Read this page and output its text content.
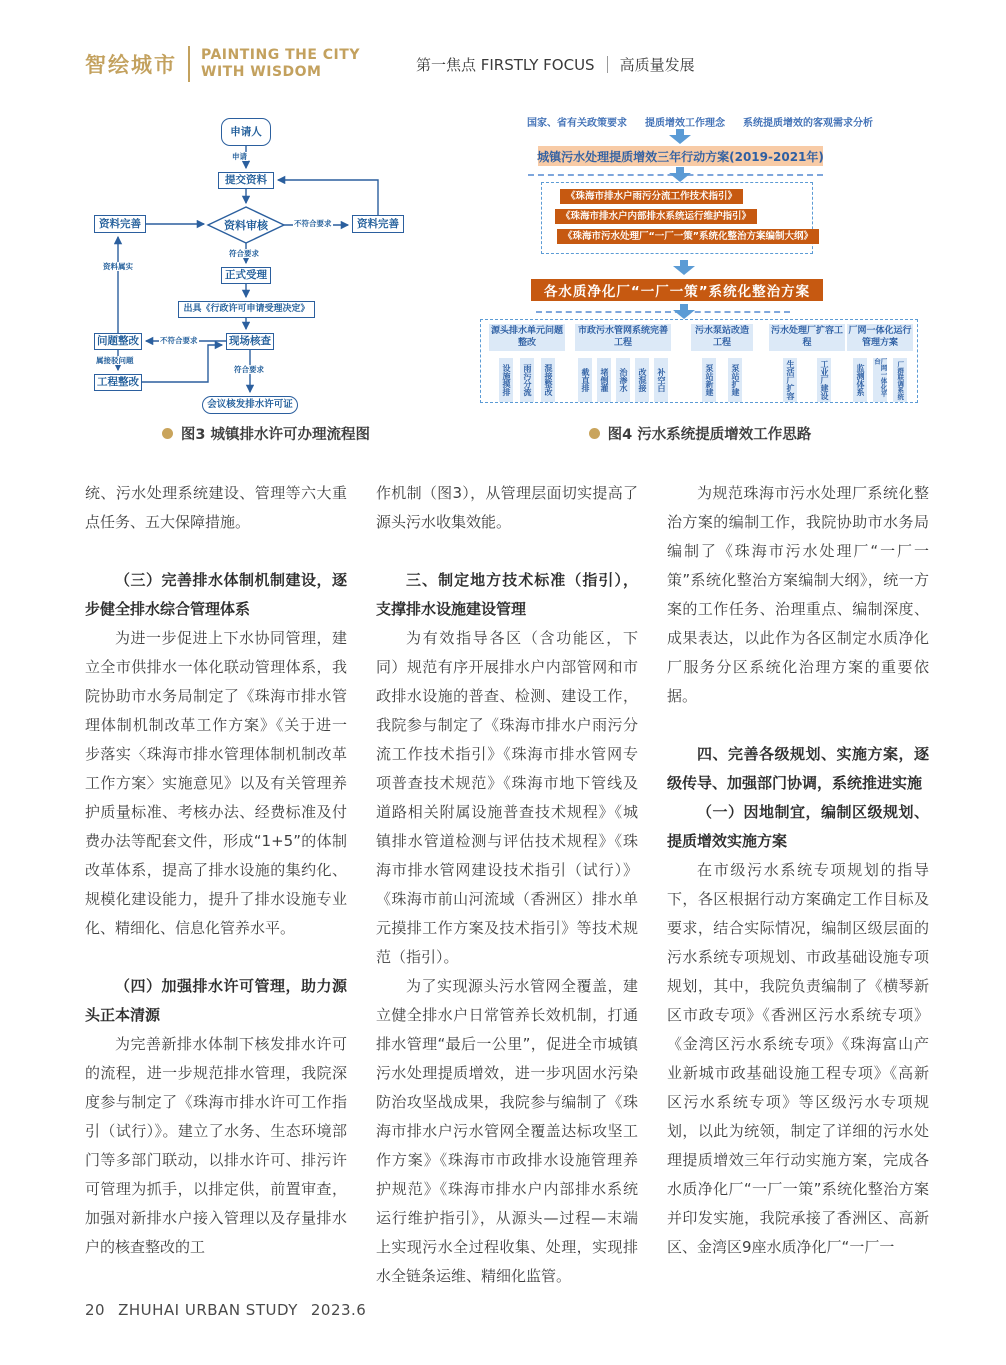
智绘城市 PAINTING THE CITY
WITH WISDOM	第一焦点 FIRSTLY FOCUS 高质量发展
申请人
提交资料
资料审核	资料完善
资料完善
正式受理
出具《行政许可申请受理决定》
现场核查
问题整改
工程整改
会议核发排水许可证
申请
不符合要求
符合要求
资料属实
不符合要求
属接驳问题
符合要求
国家、省有关政策要求 提质增效工作理念 系统提质增效的客观需求分析
城镇污水处理提质增效三年行动方案(2019-2021年)
《珠海市排水户雨污分流工作技术指引》
《珠海市排水户内部排水系统运行维护指引》
《珠海市污水处理厂“一厂一策”系统化整治方案编制大纲》
各水质净化厂“一厂一策”系统化整治方案
源头排水单元问题整改
设施摸排	雨污分流	混接整改
市政污水管网系统完善工程
截直排	堵倒灌	治渗水	改混接	补空白
污水泵站改造工程
泵站新建	泵站扩建
污水处理厂扩容工程
生活厂扩容	工业厂建设
厂网一体化运行管理方案
监测体系	厂网一体化平台	厂群联调系统
图3 城镇排水许可办理流程图	图4 污水系统提质增效工作思路

统、污水处理系统建设、管理等六大重点任务、五大保障措施。

（三）完善排水体制机制建设，逐步健全排水综合管理体系

为进一步促进上下水协同管理，建立全市供排水一体化联动管理体系，我院协助市水务局制定了《珠海市排水管理体制机制改革工作方案》《关于进一步落实〈珠海市排水管理体制机制改革工作方案〉实施意见》以及有关管理养护质量标准、考核办法、经费标准及付费办法等配套文件，形成“1+5”的体制改革体系，提高了排水设施的集约化、规模化建设能力，提升了排水设施专业化、精细化、信息化管养水平。

（四）加强排水许可管理，助力源头正本清源

为完善新排水体制下核发排水许可的流程，进一步规范排水管理，我院深度参与制定了《珠海市排水许可工作指引（试行）》。建立了水务、生态环境部门等多部门联动，以排水许可、排污许可管理为抓手，以排定供，前置审查，加强对新排水户接入管理以及存量排水户的核查整改的工

作机制（图3），从管理层面切实提高了源头污水收集效能。

三、制定地方技术标准（指引），支撑排水设施建设管理

为有效指导各区（含功能区，下同）规范有序开展排水户内部管网和市政排水设施的普查、检测、建设工作，我院参与制定了《珠海市排水户雨污分流工作技术指引》《珠海市排水管网专项普查技术规范》《珠海市地下管线及道路相关附属设施普查技术规程》《城镇排水管道检测与评估技术规程》《珠海市排水管网建设技术指引（试行）》《珠海市前山河流域（香洲区）排水单元摸排工作方案及技术指引》等技术规范（指引）。

为了实现源头污水管网全覆盖，建立健全排水户日常管养长效机制，打通排水管理“最后一公里”，促进全市城镇污水处理提质增效，进一步巩固水污染防治攻坚战成果，我院参与编制了《珠海市排水户污水管网全覆盖达标攻坚工作方案》《珠海市市政排水设施管理养护规范》《珠海市排水户内部排水系统运行维护指引》，从源头—过程—末端上实现污水全过程收集、处理，实现排水全链条运维、精细化监管。

为规范珠海市污水处理厂系统化整治方案的编制工作，我院协助市水务局编制了《珠海市污水处理厂“一厂一策”系统化整治方案编制大纲》，统一方案的工作任务、治理重点、编制深度、成果表达，以此作为各区制定水质净化厂服务分区系统化治理方案的重要依据。

四、完善各级规划、实施方案，逐级传导、加强部门协调，系统推进实施

（一）因地制宜，编制区级规划、提质增效实施方案

在市级污水系统专项规划的指导下，各区根据行动方案确定工作目标及要求，结合实际情况，编制区级层面的污水系统专项规划、市政基础设施专项规划，其中，我院负责编制了《横琴新区市政专项》《香洲区污水系统专项》《金湾区污水系统专项》《珠海富山产业新城市政基础设施工程专项》《高新区污水系统专项》等区级污水专项规划，以此为统领，制定了详细的污水处理提质增效三年行动实施方案，完成各水质净化厂“一厂一策”系统化整治方案并印发实施，我院承接了香洲区、高新区、金湾区9座水质净化厂“一厂一

20 ZHUHAI URBAN STUDY 2023.6
